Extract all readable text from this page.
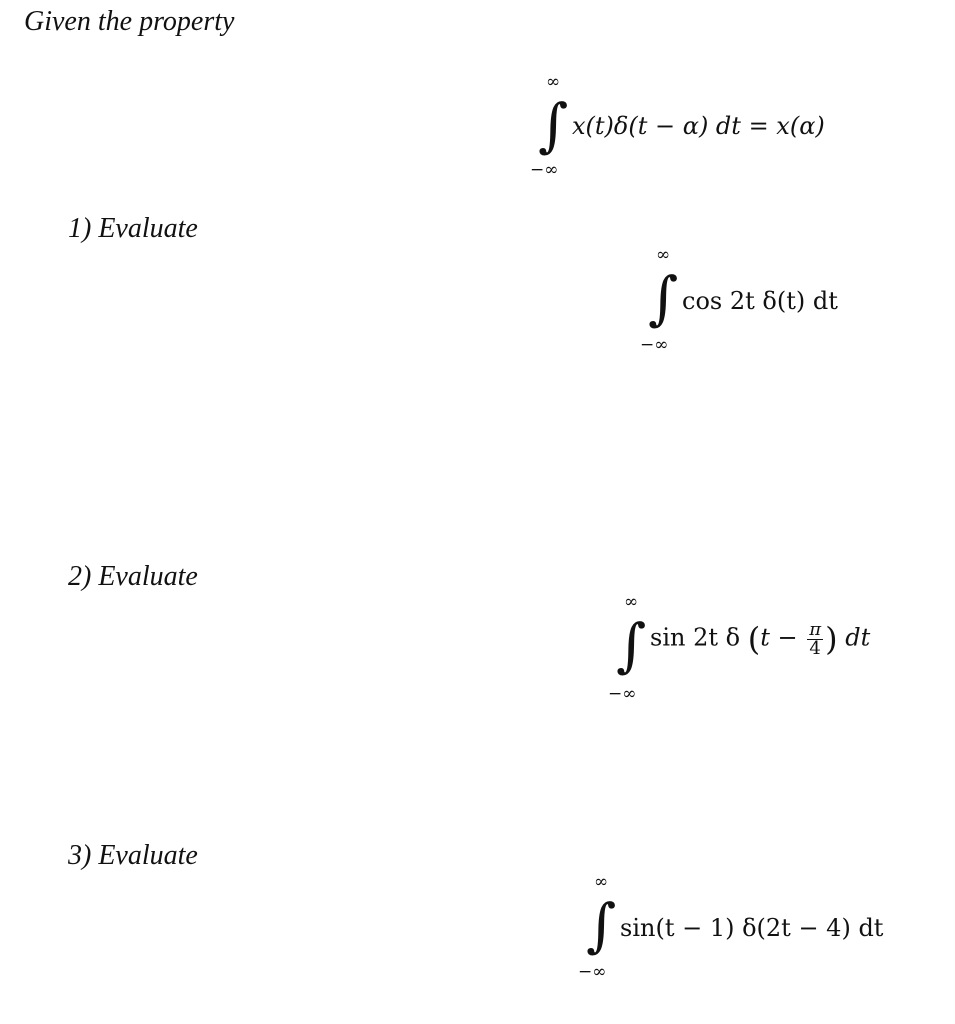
Given the property
∞
∫
−∞
x(t)δ(t − α) dt = x(α)
1) Evaluate
∞
∫
−∞
cos 2t δ(t) dt
2) Evaluate
∞
∫
−∞
sin 2t δ ($t - \frac{\pi}{4}$ ) dt
3) Evaluate
∞
∫
−∞
sin(t − 1) δ(2t − 4) dt
